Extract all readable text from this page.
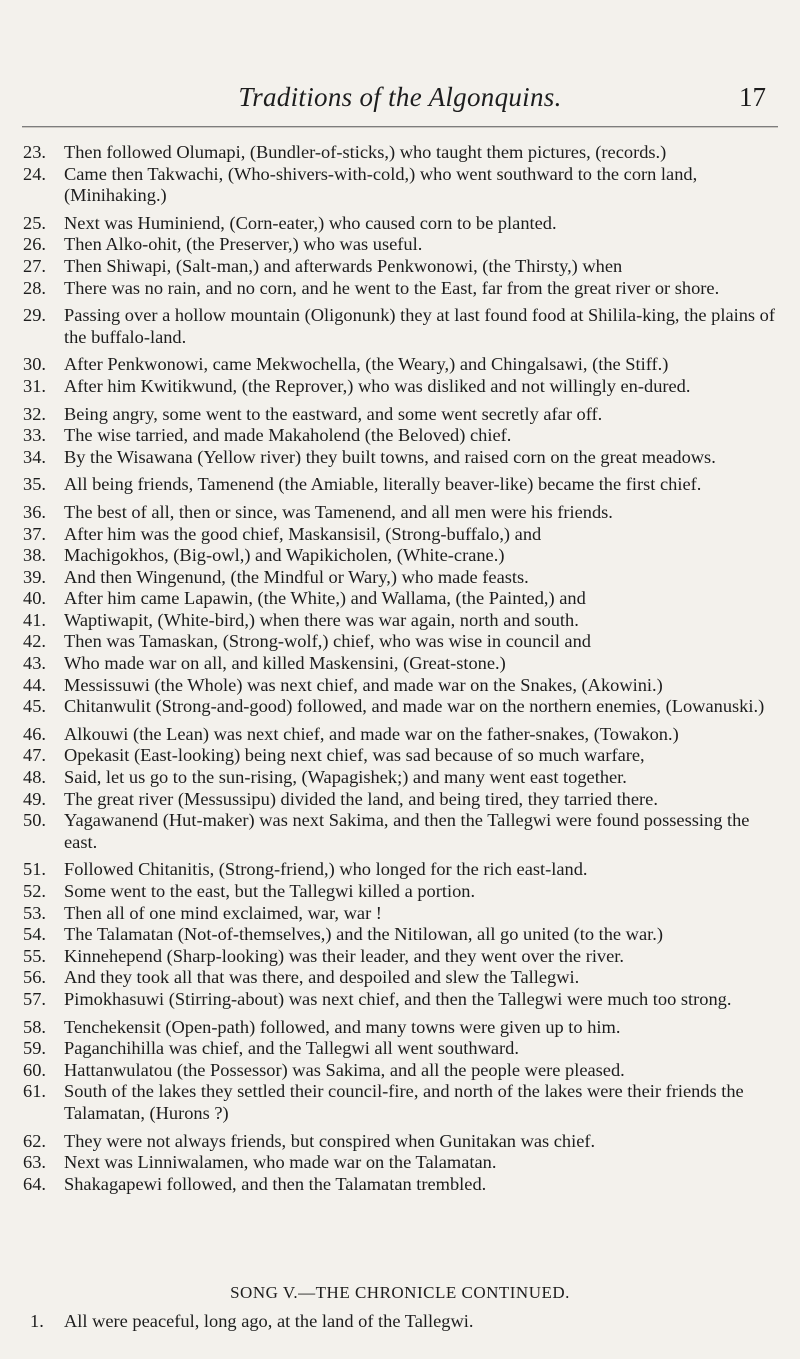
Traditions of the Algonquins.	17
23. Then followed Olumapi, (Bundler-of-sticks,) who taught them pictures, (records.)
24. Came then Takwachi, (Who-shivers-with-cold,) who went southward to the corn land, (Minihaking.)
25. Next was Huminiend, (Corn-eater,) who caused corn to be planted.
26. Then Alko-ohit, (the Preserver,) who was useful.
27. Then Shiwapi, (Salt-man,) and afterwards Penkwonowi, (the Thirsty,) when
28. There was no rain, and no corn, and he went to the East, far from the great river or shore.
29. Passing over a hollow mountain (Oligonunk) they at last found food at Shilila-king, the plains of the buffalo-land.
30. After Penkwonowi, came Mekwochella, (the Weary,) and Chingalsawi, (the Stiff.)
31. After him Kwitikwund, (the Reprover,) who was disliked and not willingly en-dured.
32. Being angry, some went to the eastward, and some went secretly afar off.
33. The wise tarried, and made Makaholend (the Beloved) chief.
34. By the Wisawana (Yellow river) they built towns, and raised corn on the great meadows.
35. All being friends, Tamenend (the Amiable, literally beaver-like) became the first chief.
36. The best of all, then or since, was Tamenend, and all men were his friends.
37. After him was the good chief, Maskansisil, (Strong-buffalo,) and
38. Machigokhos, (Big-owl,) and Wapikicholen, (White-crane.)
39. And then Wingenund, (the Mindful or Wary,) who made feasts.
40. After him came Lapawin, (the White,) and Wallama, (the Painted,) and
41. Waptiwapit, (White-bird,) when there was war again, north and south.
42. Then was Tamaskan, (Strong-wolf,) chief, who was wise in council and
43. Who made war on all, and killed Maskensini, (Great-stone.)
44. Messissuwi (the Whole) was next chief, and made war on the Snakes, (Akowini.)
45. Chitanwulit (Strong-and-good) followed, and made war on the northern enemies, (Lowanuski.)
46. Alkouwi (the Lean) was next chief, and made war on the father-snakes, (Towakon.)
47. Opekasit (East-looking) being next chief, was sad because of so much warfare,
48. Said, let us go to the sun-rising, (Wapagishek;) and many went east together.
49. The great river (Messussipu) divided the land, and being tired, they tarried there.
50. Yagawanend (Hut-maker) was next Sakima, and then the Tallegwi were found possessing the east.
51. Followed Chitanitis, (Strong-friend,) who longed for the rich east-land.
52. Some went to the east, but the Tallegwi killed a portion.
53. Then all of one mind exclaimed, war, war !
54. The Talamatan (Not-of-themselves,) and the Nitilowan, all go united (to the war.)
55. Kinnehepend (Sharp-looking) was their leader, and they went over the river.
56. And they took all that was there, and despoiled and slew the Tallegwi.
57. Pimokhasuwi (Stirring-about) was next chief, and then the Tallegwi were much too strong.
58. Tenchekensit (Open-path) followed, and many towns were given up to him.
59. Paganchihilla was chief, and the Tallegwi all went southward.
60. Hattanwulatou (the Possessor) was Sakima, and all the people were pleased.
61. South of the lakes they settled their council-fire, and north of the lakes were their friends the Talamatan, (Hurons ?)
62. They were not always friends, but conspired when Gunitakan was chief.
63. Next was Linniwalamen, who made war on the Talamatan.
64. Shakagapewi followed, and then the Talamatan trembled.
SONG V.—THE CHRONICLE CONTINUED.
1. All were peaceful, long ago, at the land of the Tallegwi.
